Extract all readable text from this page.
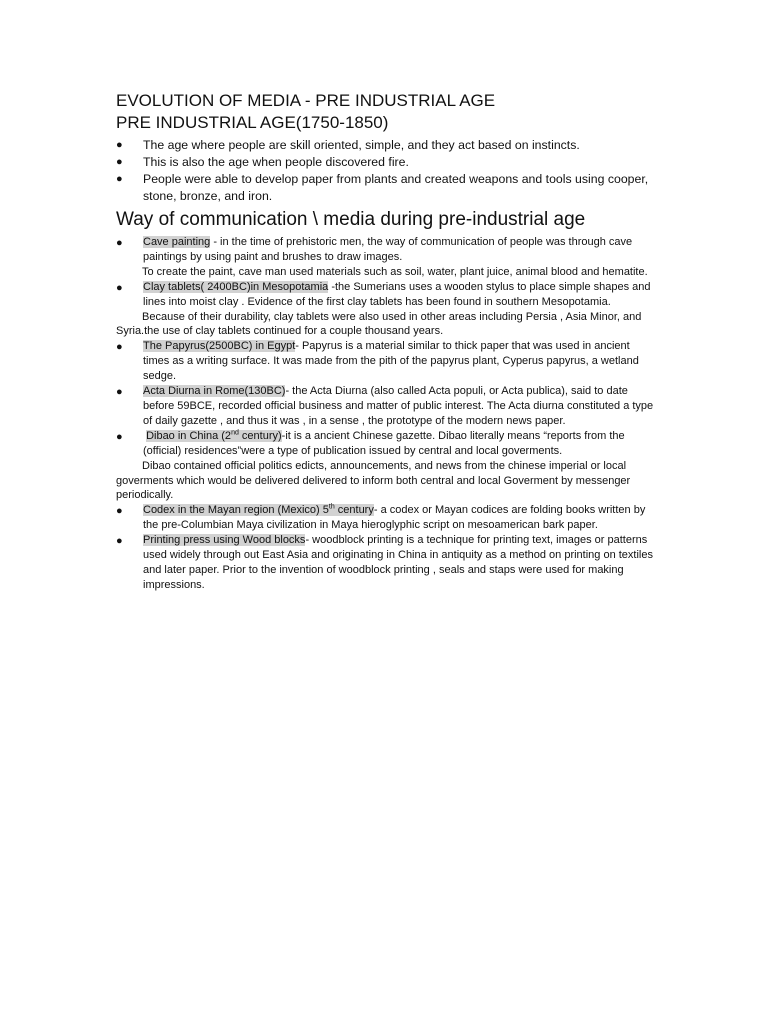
EVOLUTION OF MEDIA - PRE INDUSTRIAL AGE
PRE INDUSTRIAL AGE(1750-1850)
● The age where people are skill oriented, simple, and they act based on instincts.
● This is also the age when people discovered fire.
● People were able to develop paper from plants and created weapons and tools using cooper, stone, bronze, and iron.
Way of communication \ media during pre-industrial age
● Cave painting - in the time of prehistoric men, the way of communication of people was through cave paintings by using paint and brushes to draw images.
To create the paint, cave man used materials such as soil, water, plant juice, animal blood and hematite.
● Clay tablets( 2400BC)in Mesopotamia -the Sumerians uses a wooden stylus to place simple shapes and lines into moist clay . Evidence of the first clay tablets has been found in southern Mesopotamia.
Because of their durability, clay tablets were also used in other areas including Persia , Asia Minor, and Syria.the use of clay tablets continued for a couple thousand years.
● The Papyrus(2500BC) in Egypt- Papyrus is a material similar to thick paper that was used in ancient times as a writing surface. It was made from the pith of the papyrus plant, Cyperus papyrus, a wetland sedge.
● Acta Diurna in Rome(130BC)- the Acta Diurna (also called Acta populi, or Acta publica), said to date before 59BCE, recorded official business and matter of public interest. The Acta diurna constituted a type of daily gazette , and thus it was , in a sense , the prototype of the modern news paper.
● Dibao in China (2nd century)-it is a ancient Chinese gazette. Dibao literally means “reports from the (official) residences”were a type of publication issued by central and local goverments.
Dibao contained official politics edicts, announcements, and news from the chinese imperial or local goverments which would be delivered delivered to inform both central and local Goverment by messenger periodically.
● Codex in the Mayan region (Mexico) 5th century- a codex or Mayan codices are folding books written by the pre-Columbian Maya civilization in Maya hieroglyphic script on mesoamerican bark paper.
● Printing press using Wood blocks- woodblock printing is a technique for printing text, images or patterns used widely through out East Asia and originating in China in antiquity as a method on printing on textiles and later paper. Prior to the invention of woodblock printing , seals and staps were used for making impressions.
